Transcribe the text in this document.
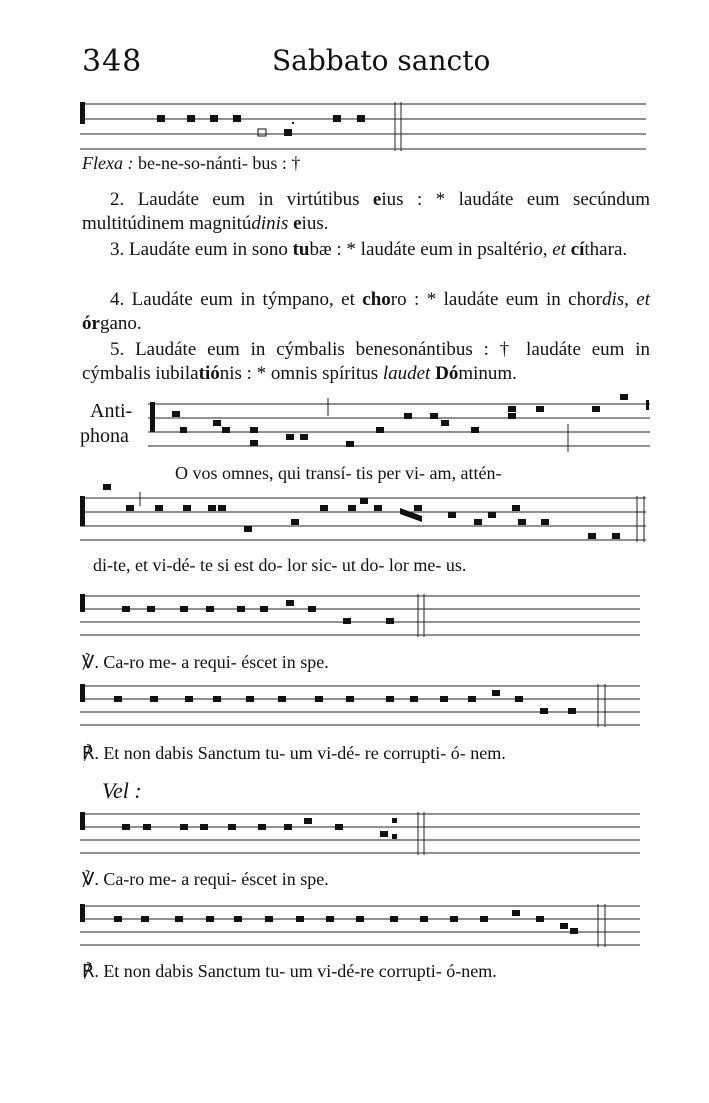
348	Sabbato sancto
Flexa : be-ne-so-nánti- bus : †
2. Laudáte eum in virtútibus eius : * laudáte eum secúndum multitúdinem magnitúdinis eius.
3. Laudáte eum in sono tubæ : * laudáte eum in psaltério, et cíthara.
4. Laudáte eum in týmpano, et choro : * laudáte eum in chordis, et órgano.
5. Laudáte eum in cýmbalis benesonántibus : † laudáte eum in cýmbalis iubilatiónis : * omnis spíritus laudet Dóminum.
Anti-
phona
O vos omnes, qui transí- tis per vi- am, attén-
di-te, et vi-dé- te si est do- lor sic- ut do- lor me- us.
℣. Ca-ro me- a requi- éscet in spe.
℟. Et non dabis Sanctum tu- um vi-dé- re corrupti- ó- nem.
Vel :
℣. Ca-ro me- a requi- éscet in spe.
℟. Et non dabis Sanctum tu- um vi-dé-re corrupti- ó-nem.
